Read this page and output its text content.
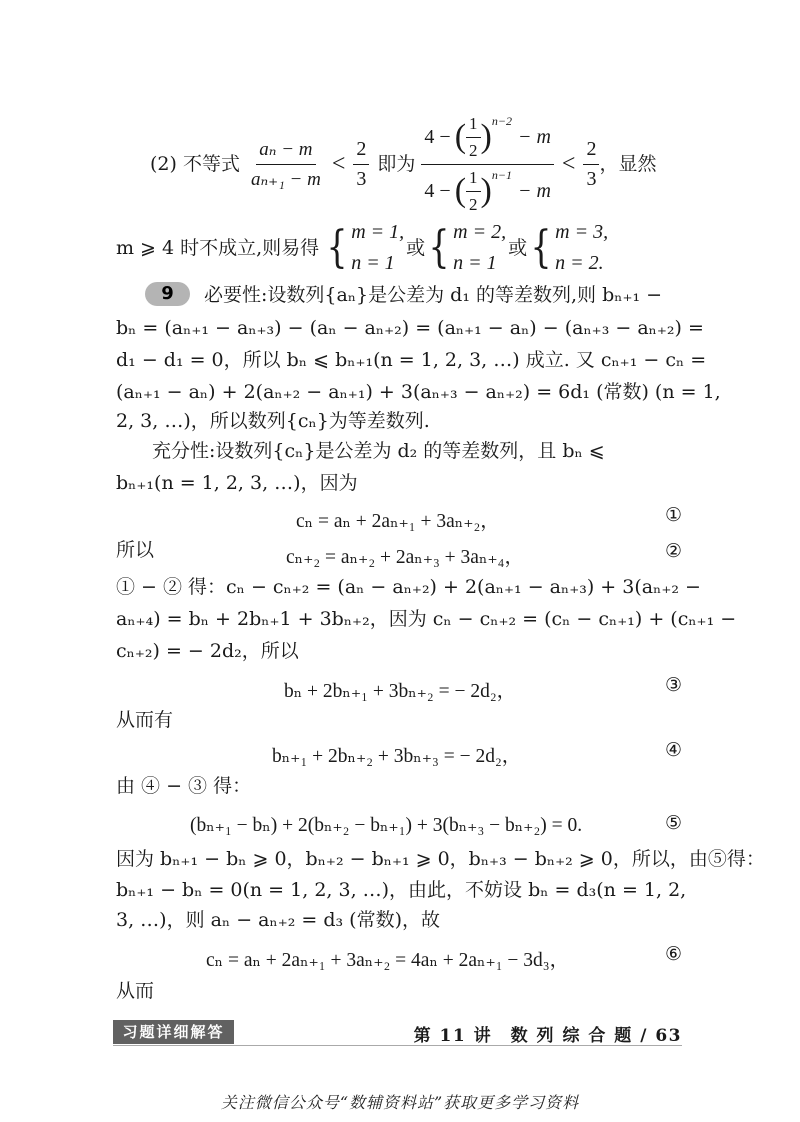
(2) 不等式 $\frac{\text{aₙ − m}}{\text{aₙ₊₁ − m}} < \frac{2}{3}$ 即为
4 − ( $\frac{1}{2} )^{n-2}$
− m
4 − ( $\frac{1}{2} )^{n-1}$
− m
< $\frac{2}{3}$ ，显然
m ⩾ 4 时不成立,则易得 { m = 1,
n = 1
或 { m = 2,
n = 1
或 { m = 3,
n = 2.
9	必要性:设数列{aₙ}是公差为 d₁ 的等差数列,则 bₙ₊₁ −
bₙ = (aₙ₊₁ − aₙ₊₃) − (aₙ − aₙ₊₂) = (aₙ₊₁ − aₙ) − (aₙ₊₃ − aₙ₊₂) =
d₁ − d₁ = 0，所以 bₙ ⩽ bₙ₊₁(n = 1, 2, 3, …) 成立. 又 cₙ₊₁ − cₙ =
(aₙ₊₁ − aₙ) + 2(aₙ₊₂ − aₙ₊₁) + 3(aₙ₊₃ − aₙ₊₂) = 6d₁ (常数) (n = 1,
2, 3, …)，所以数列{cₙ}为等差数列.
充分性:设数列{cₙ}是公差为 d₂ 的等差数列，且 bₙ ⩽
bₙ₊₁(n = 1, 2, 3, …)，因为
cₙ = aₙ + 2aₙ₊₁ + 3aₙ₊₂，	①
所以	cₙ₊₂ = aₙ₊₂ + 2aₙ₊₃ + 3aₙ₊₄，	②
① − ② 得：cₙ − cₙ₊₂ = (aₙ − aₙ₊₂) + 2(aₙ₊₁ − aₙ₊₃) + 3(aₙ₊₂ −
aₙ₊₄) = bₙ + 2bₙ₊1 + 3bₙ₊₂，因为 cₙ − cₙ₊₂ = (cₙ − cₙ₊₁) + (cₙ₊₁ −
cₙ₊₂) = − 2d₂，所以
bₙ + 2bₙ₊₁ + 3bₙ₊₂ = − 2d₂，	③
从而有
bₙ₊₁ + 2bₙ₊₂ + 3bₙ₊₃ = − 2d₂，	④
由 ④ − ③ 得：
(bₙ₊₁ − bₙ) + 2(bₙ₊₂ − bₙ₊₁) + 3(bₙ₊₃ − bₙ₊₂) = 0.	⑤
因为 bₙ₊₁ − bₙ ⩾ 0，bₙ₊₂ − bₙ₊₁ ⩾ 0，bₙ₊₃ − bₙ₊₂ ⩾ 0，所以，由⑤得：
bₙ₊₁ − bₙ = 0(n = 1, 2, 3, …)，由此，不妨设 bₙ = d₃(n = 1, 2,
3, …)，则 aₙ − aₙ₊₂ = d₃ (常数)，故
cₙ = aₙ + 2aₙ₊₁ + 3aₙ₊₂ = 4aₙ + 2aₙ₊₁ − 3d₃，	⑥
从而
习题详细解答	第 11 讲　数 列 综 合 题 / 63
关注微信公众号“数辅资料站”获取更多学习资料
